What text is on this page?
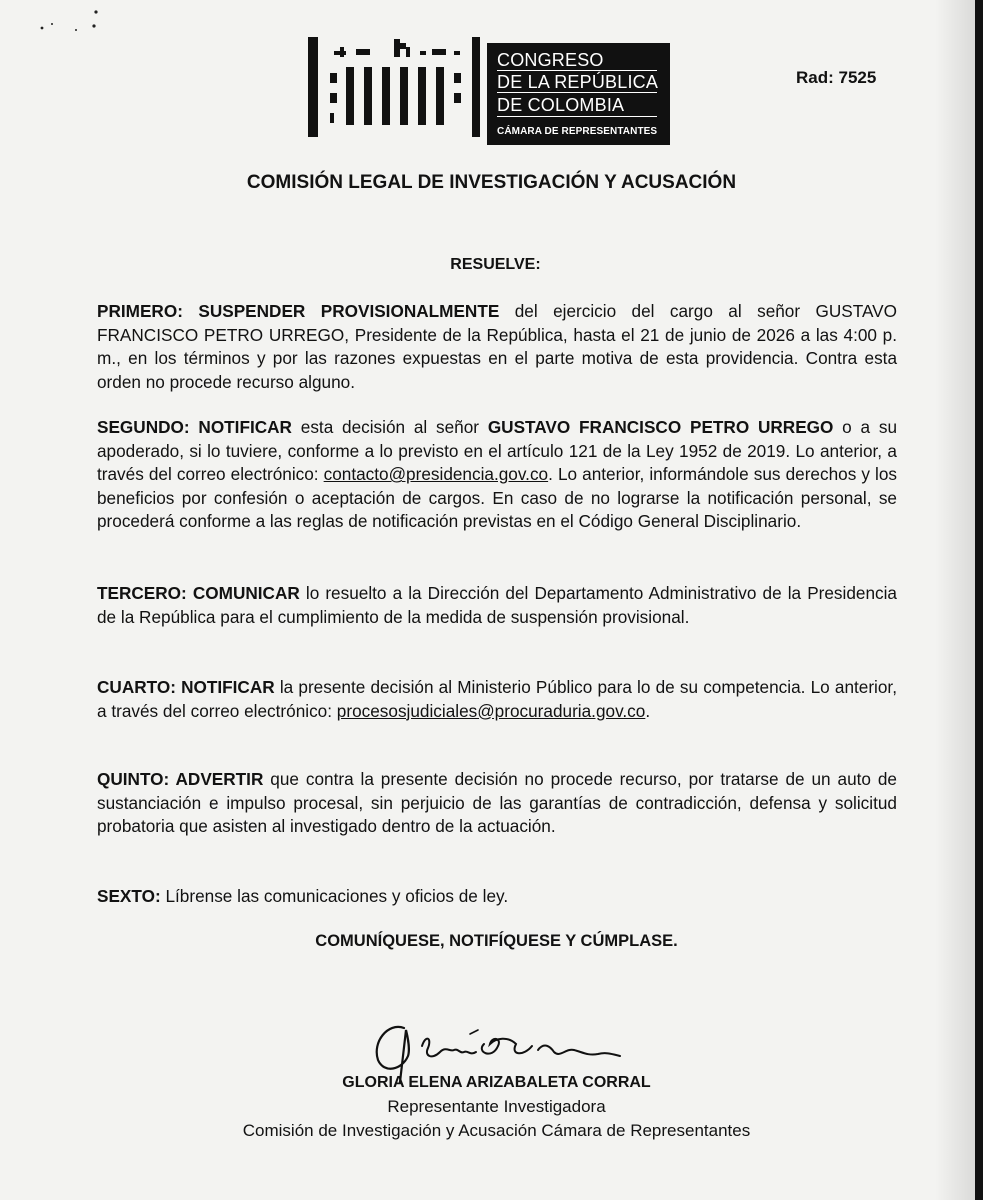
CONGRESO
DE LA REPÚBLICA
DE COLOMBIA
CÁMARA DE REPRESENTANTES
Rad: 7525
COMISIÓN LEGAL DE INVESTIGACIÓN Y ACUSACIÓN
RESUELVE:
PRIMERO: SUSPENDER PROVISIONALMENTE del ejercicio del cargo al señor GUSTAVO FRANCISCO PETRO URREGO, Presidente de la República, hasta el 21 de junio de 2026 a las 4:00 p. m., en los términos y por las razones expuestas en el parte motiva de esta providencia. Contra esta orden no procede recurso alguno.
SEGUNDO: NOTIFICAR esta decisión al señor GUSTAVO FRANCISCO PETRO URREGO o a su apoderado, si lo tuviere, conforme a lo previsto en el artículo 121 de la Ley 1952 de 2019. Lo anterior, a través del correo electrónico: contacto@presidencia.gov.co. Lo anterior, informándole sus derechos y los beneficios por confesión o aceptación de cargos. En caso de no lograrse la notificación personal, se procederá conforme a las reglas de notificación previstas en el Código General Disciplinario.
TERCERO: COMUNICAR lo resuelto a la Dirección del Departamento Administrativo de la Presidencia de la República para el cumplimiento de la medida de suspensión provisional.
CUARTO: NOTIFICAR la presente decisión al Ministerio Público para lo de su competencia. Lo anterior, a través del correo electrónico: procesosjudiciales@procuraduria.gov.co.
QUINTO: ADVERTIR que contra la presente decisión no procede recurso, por tratarse de un auto de sustanciación e impulso procesal, sin perjuicio de las garantías de contradicción, defensa y solicitud probatoria que asisten al investigado dentro de la actuación.
SEXTO: Líbrense las comunicaciones y oficios de ley.
COMUNÍQUESE, NOTIFÍQUESE Y CÚMPLASE.
GLORIA ELENA ARIZABALETA CORRAL
Representante Investigadora
Comisión de Investigación y Acusación Cámara de Representantes
